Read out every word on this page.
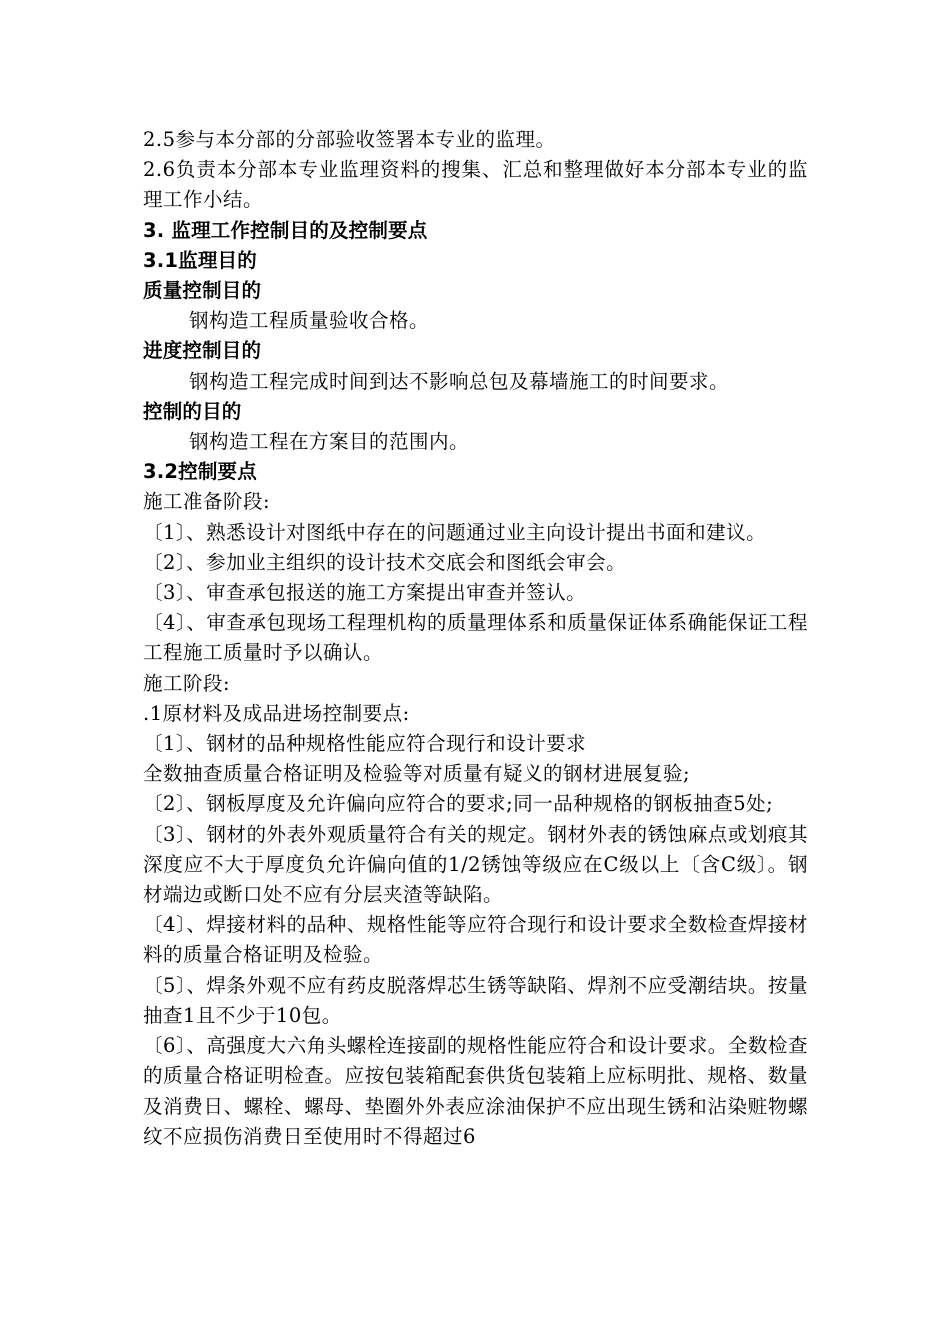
2.5参与本分部的分部验收签署本专业的监理。

2.6负责本分部本专业监理资料的搜集、汇总和整理做好本分部本专业的监理工作小结。

3. 监理工作控制目的及控制要点

3.1监理目的

质量控制目的

钢构造工程质量验收合格。

进度控制目的

钢构造工程完成时间到达不影响总包及幕墙施工的时间要求。

控制的目的

钢构造工程在方案目的范围内。

3.2控制要点

施工准备阶段:

〔1〕、熟悉设计对图纸中存在的问题通过业主向设计提出书面和建议。

〔2〕、参加业主组织的设计技术交底会和图纸会审会。

〔3〕、审查承包报送的施工方案提出审查并签认。

〔4〕、审查承包现场工程理机构的质量理体系和质量保证体系确能保证工程工程施工质量时予以确认。

施工阶段:

.1原材料及成品进场控制要点:

〔1〕、钢材的品种规格性能应符合现行和设计要求

全数抽查质量合格证明及检验等对质量有疑义的钢材进展复验;

〔2〕、钢板厚度及允许偏向应符合的要求;同一品种规格的钢板抽查5处;

〔3〕、钢材的外表外观质量符合有关的规定。钢材外表的锈蚀麻点或划痕其深度应不大于厚度负允许偏向值的1/2锈蚀等级应在C级以上〔含C级〕。钢材端边或断口处不应有分层夹渣等缺陷。

〔4〕、焊接材料的品种、规格性能等应符合现行和设计要求全数检查焊接材料的质量合格证明及检验。

〔5〕、焊条外观不应有药皮脱落焊芯生锈等缺陷、焊剂不应受潮结块。按量抽查1且不少于10包。

〔6〕、高强度大六角头螺栓连接副的规格性能应符合和设计要求。全数检查的质量合格证明检查。应按包装箱配套供货包装箱上应标明批、规格、数量及消费日、螺栓、螺母、垫圈外外表应涂油保护不应出现生锈和沾染赃物螺纹不应损伤消费日至使用时不得超过6
